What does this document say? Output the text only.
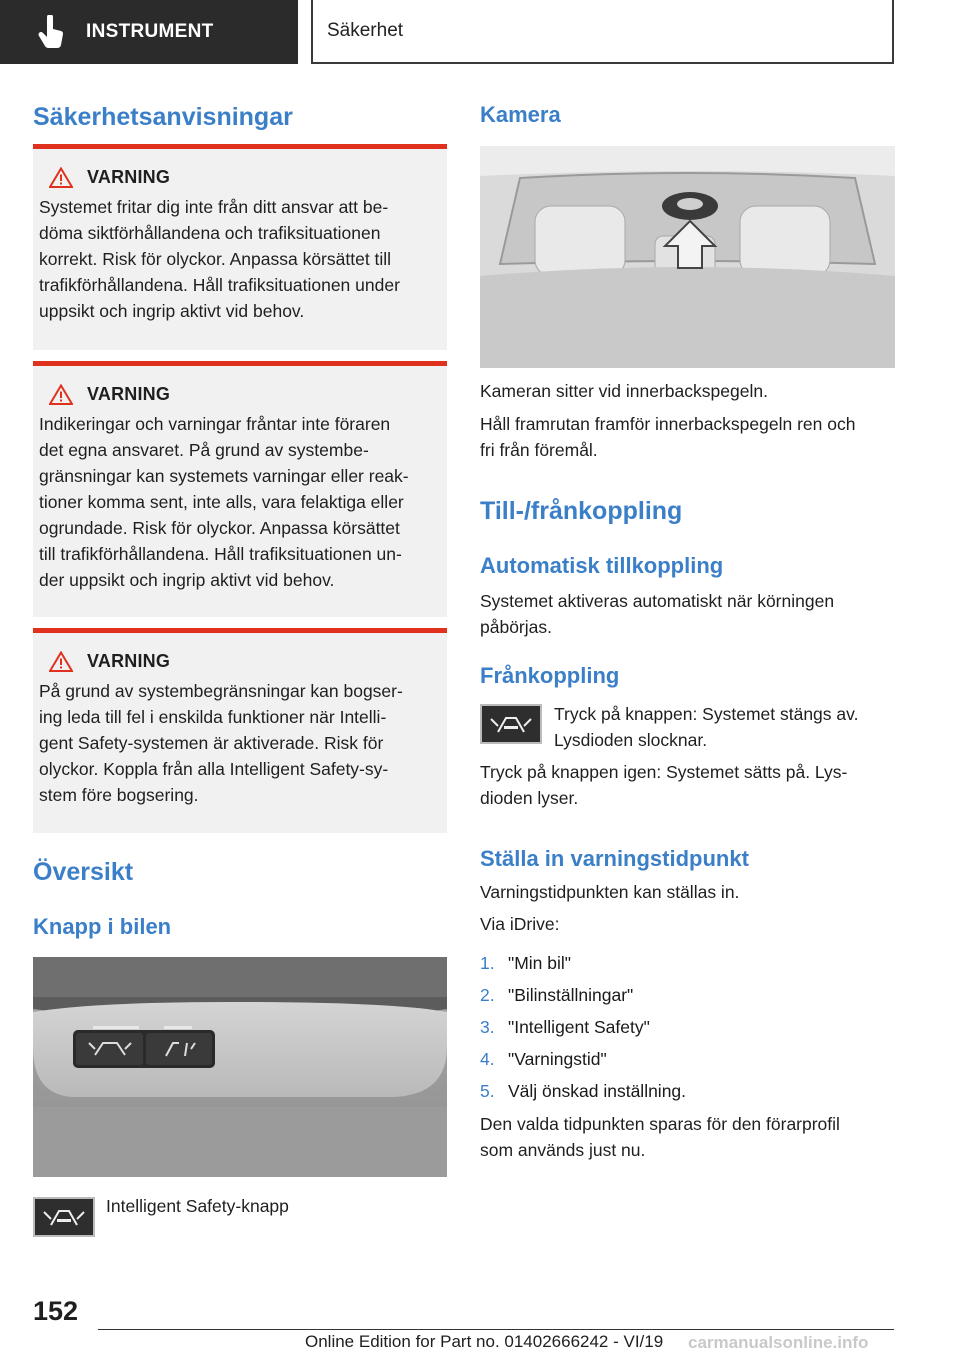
INSTRUMENT	Säkerhet
Säkerhetsanvisningar
VARNING

Systemet fritar dig inte från ditt ansvar att be-

döma siktförhållandena och trafiksituationen

korrekt. Risk för olyckor. Anpassa körsättet till

trafikförhållandena. Håll trafiksituationen under

uppsikt och ingrip aktivt vid behov.

VARNING

Indikeringar och varningar fråntar inte föraren

det egna ansvaret. På grund av systembe-

gränsningar kan systemets varningar eller reak-

tioner komma sent, inte alls, vara felaktiga eller

ogrundade. Risk för olyckor. Anpassa körsättet

till trafikförhållandena. Håll trafiksituationen un-

der uppsikt och ingrip aktivt vid behov.

VARNING

På grund av systembegränsningar kan bogser-

ing leda till fel i enskilda funktioner när Intelli-

gent Safety-systemen är aktiverade. Risk för

olyckor. Koppla från alla Intelligent Safety-sy-

stem före bogsering.

Översikt
Knapp i bilen
Intelligent Safety-knapp
Kamera
Kameran sitter vid innerbackspegeln.
Håll framrutan framför innerbackspegeln ren och
fri från föremål.
Till-/frånkoppling
Automatisk tillkoppling
Systemet aktiveras automatiskt när körningen
påbörjas.
Frånkoppling
Tryck på knappen: Systemet stängs av.
Lysdioden slocknar.
Tryck på knappen igen: Systemet sätts på. Lys-
dioden lyser.
Ställa in varningstidpunkt
Varningstidpunkten kan ställas in.
Via iDrive:
1. "Min bil"
2. "Bilinställningar"
3. "Intelligent Safety"
4. "Varningstid"
5. Välj önskad inställning.
Den valda tidpunkten sparas för den förarprofil
som används just nu.
152
Online Edition for Part no. 01402666242 - VI/19 carmanualsonline.info
